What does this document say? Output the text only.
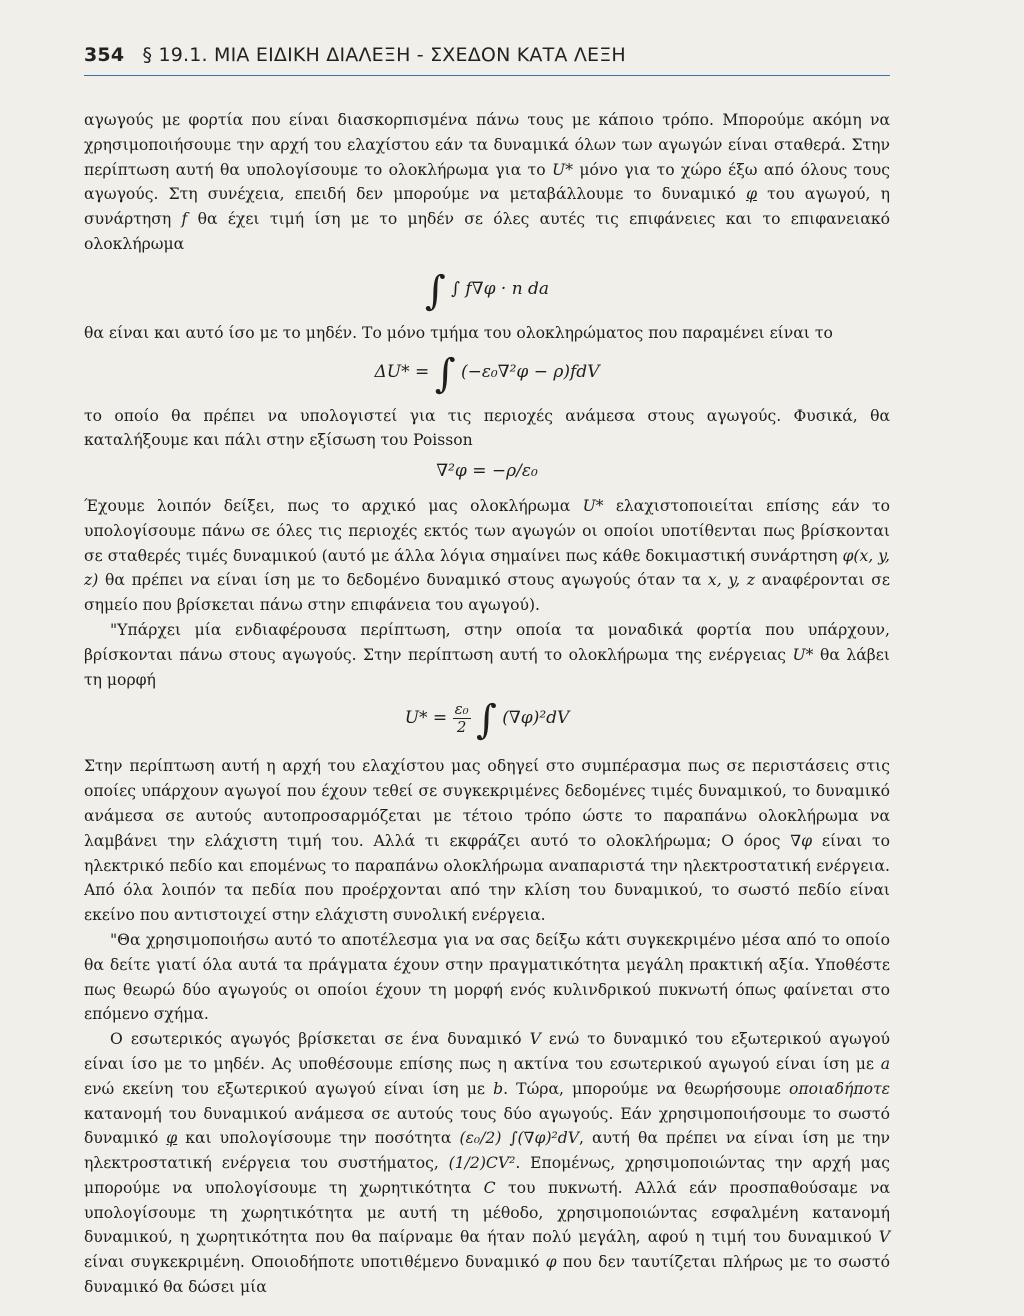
354 § 19.1. ΜΙΑ ΕΙΔΙΚΗ ΔΙΑΛΕΞΗ - ΣΧΕΔΟΝ ΚΑΤΑ ΛΕΞΗ

αγωγούς με φορτία που είναι διασκορπισμένα πάνω τους με κάποιο τρόπο. Μπορούμε ακόμη να χρησιμοποιήσουμε την αρχή του ελαχίστου εάν τα δυναμικά όλων των αγωγών είναι σταθερά. Στην περίπτωση αυτή θα υπολογίσουμε το ολοκλήρωμα για το U* μόνο για το χώρο έξω από όλους τους αγωγούς. Στη συνέχεια, επειδή δεν μπορούμε να μεταβάλλουμε το δυναμικό φ του αγωγού, η συνάρτηση f θα έχει τιμή ίση με το μηδέν σε όλες αυτές τις επιφάνειες και το επιφανειακό ολοκλήρωμα

∫ ∫ f∇φ · n da

θα είναι και αυτό ίσο με το μηδέν. Το μόνο τμήμα του ολοκληρώματος που παραμένει είναι το

ΔU* = ∫ (−ε₀∇²φ − ρ)fdV

το οποίο θα πρέπει να υπολογιστεί για τις περιοχές ανάμεσα στους αγωγούς. Φυσικά, θα καταλήξουμε και πάλι στην εξίσωση του Poisson

∇²φ = −ρ/ε₀

Έχουμε λοιπόν δείξει, πως το αρχικό μας ολοκλήρωμα U* ελαχιστοποιείται επίσης εάν το υπολογίσουμε πάνω σε όλες τις περιοχές εκτός των αγωγών οι οποίοι υποτίθενται πως βρίσκονται σε σταθερές τιμές δυναμικού (αυτό με άλλα λόγια σημαίνει πως κάθε δοκιμαστική συνάρτηση φ(x, y, z) θα πρέπει να είναι ίση με το δεδομένο δυναμικό στους αγωγούς όταν τα x, y, z αναφέρονται σε σημείο που βρίσκεται πάνω στην επιφάνεια του αγωγού).

"Υπάρχει μία ενδιαφέρουσα περίπτωση, στην οποία τα μοναδικά φορτία που υπάρχουν, βρίσκονται πάνω στους αγωγούς. Στην περίπτωση αυτή το ολοκλήρωμα της ενέργειας U* θα λάβει τη μορφή

$U* = \frac{\text{ε₀}}{2}$ ∫ (∇φ)²dV

Στην περίπτωση αυτή η αρχή του ελαχίστου μας οδηγεί στο συμπέρασμα πως σε περιστάσεις στις οποίες υπάρχουν αγωγοί που έχουν τεθεί σε συγκεκριμένες δεδομένες τιμές δυναμικού, το δυναμικό ανάμεσα σε αυτούς αυτοπροσαρμόζεται με τέτοιο τρόπο ώστε το παραπάνω ολοκλήρωμα να λαμβάνει την ελάχιστη τιμή του. Αλλά τι εκφράζει αυτό το ολοκλήρωμα; Ο όρος ∇φ είναι το ηλεκτρικό πεδίο και επομένως το παραπάνω ολοκλήρωμα αναπαριστά την ηλεκτροστατική ενέργεια. Από όλα λοιπόν τα πεδία που προέρχονται από την κλίση του δυναμικού, το σωστό πεδίο είναι εκείνο που αντιστοιχεί στην ελάχιστη συνολική ενέργεια.

"Θα χρησιμοποιήσω αυτό το αποτέλεσμα για να σας δείξω κάτι συγκεκριμένο μέσα από το οποίο θα δείτε γιατί όλα αυτά τα πράγματα έχουν στην πραγματικότητα μεγάλη πρακτική αξία. Υποθέστε πως θεωρώ δύο αγωγούς οι οποίοι έχουν τη μορφή ενός κυλινδρικού πυκνωτή όπως φαίνεται στο επόμενο σχήμα.

Ο εσωτερικός αγωγός βρίσκεται σε ένα δυναμικό V ενώ το δυναμικό του εξωτερικού αγωγού είναι ίσο με το μηδέν. Ας υποθέσουμε επίσης πως η ακτίνα του εσωτερικού αγωγού είναι ίση με a ενώ εκείνη του εξωτερικού αγωγού είναι ίση με b. Τώρα, μπορούμε να θεωρήσουμε οποιαδήποτε κατανομή του δυναμικού ανάμεσα σε αυτούς τους δύο αγωγούς. Εάν χρησιμοποιήσουμε το σωστό δυναμικό φ και υπολογίσουμε την ποσότητα (ε₀/2) ∫(∇φ)²dV, αυτή θα πρέπει να είναι ίση με την ηλεκτροστατική ενέργεια του συστήματος, (1/2)CV². Επομένως, χρησιμοποιώντας την αρχή μας μπορούμε να υπολογίσουμε τη χωρητικότητα C του πυκνωτή. Αλλά εάν προσπαθούσαμε να υπολογίσουμε τη χωρητικότητα με αυτή τη μέθοδο, χρησιμοποιώντας εσφαλμένη κατανομή δυναμικού, η χωρητικότητα που θα παίρναμε θα ήταν πολύ μεγάλη, αφού η τιμή του δυναμικού V είναι συγκεκριμένη. Οποιοδήποτε υποτιθέμενο δυναμικό φ που δεν ταυτίζεται πλήρως με το σωστό δυναμικό θα δώσει μία
